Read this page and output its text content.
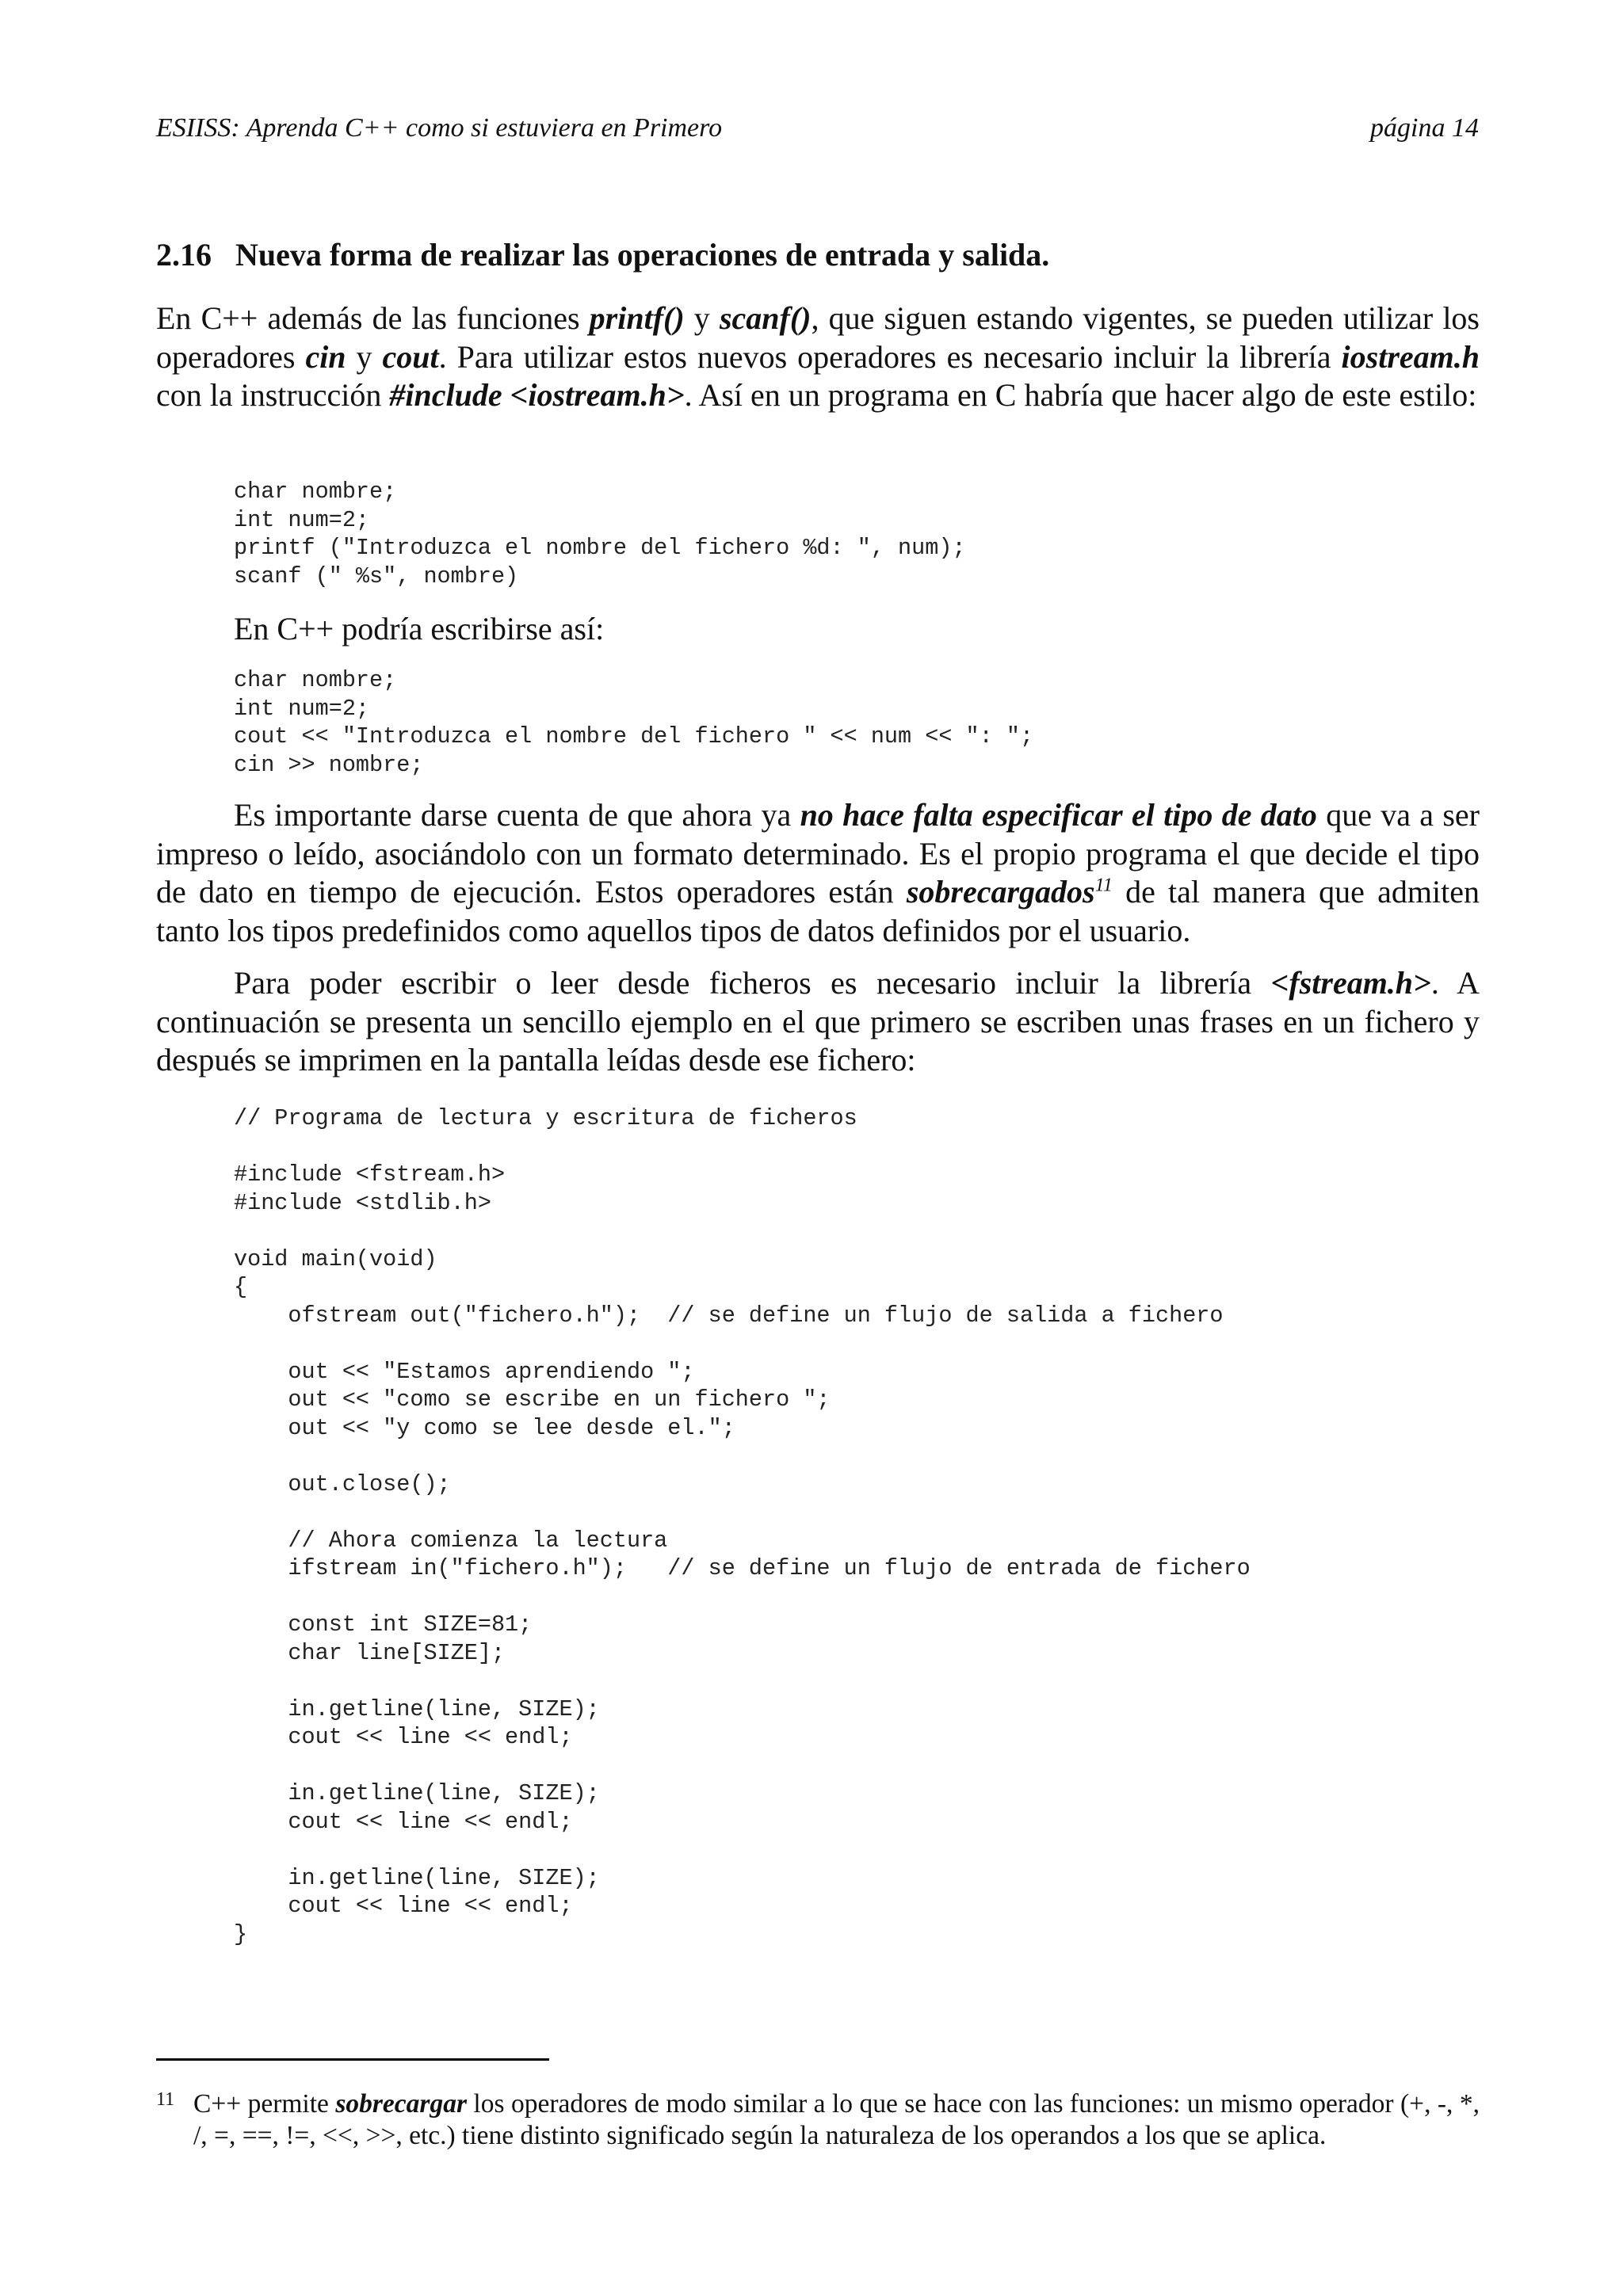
ESIISS: Aprenda C++ como si estuviera en Primero	página 14
2.16 Nueva forma de realizar las operaciones de entrada y salida.

En C++ además de las funciones printf() y scanf(), que siguen estando vigentes, se pueden utilizar los operadores cin y cout. Para utilizar estos nuevos operadores es necesario incluir la librería iostream.h con la instrucción #include <iostream.h>. Así en un programa en C habría que hacer algo de este estilo:

char nombre;
int num=2;
printf ("Introduzca el nombre del fichero %d: ", num);
scanf (" %s", nombre)
En C++ podría escribirse así:
char nombre;
int num=2;
cout << "Introduzca el nombre del fichero " << num << ": ";
cin >> nombre;

Es importante darse cuenta de que ahora ya no hace falta especificar el tipo de dato que va a ser impreso o leído, asociándolo con un formato determinado. Es el propio programa el que decide el tipo de dato en tiempo de ejecución. Estos operadores están sobrecargados$^{11}$ de tal manera que admiten tanto los tipos predefinidos como aquellos tipos de datos definidos por el usuario.

Para poder escribir o leer desde ficheros es necesario incluir la librería <fstream.h>. A continuación se presenta un sencillo ejemplo en el que primero se escriben unas frases en un fichero y después se imprimen en la pantalla leídas desde ese fichero:

// Programa de lectura y escritura de ficheros

#include <fstream.h>
#include <stdlib.h>

void main(void)
{
ofstream out("fichero.h");  // se define un flujo de salida a fichero

out << "Estamos aprendiendo ";
out << "como se escribe en un fichero ";
out << "y como se lee desde el.";

out.close();

// Ahora comienza la lectura
ifstream in("fichero.h");   // se define un flujo de entrada de fichero

const int SIZE=81;
char line[SIZE];

in.getline(line, SIZE);
cout << line << endl;

in.getline(line, SIZE);
cout << line << endl;

in.getline(line, SIZE);
cout << line << endl;
}
11 C++ permite sobrecargar los operadores de modo similar a lo que se hace con las funciones: un mismo operador (+, -, *, /, =, ==, !=, <<, >>, etc.) tiene distinto significado según la naturaleza de los operandos a los que se aplica.
